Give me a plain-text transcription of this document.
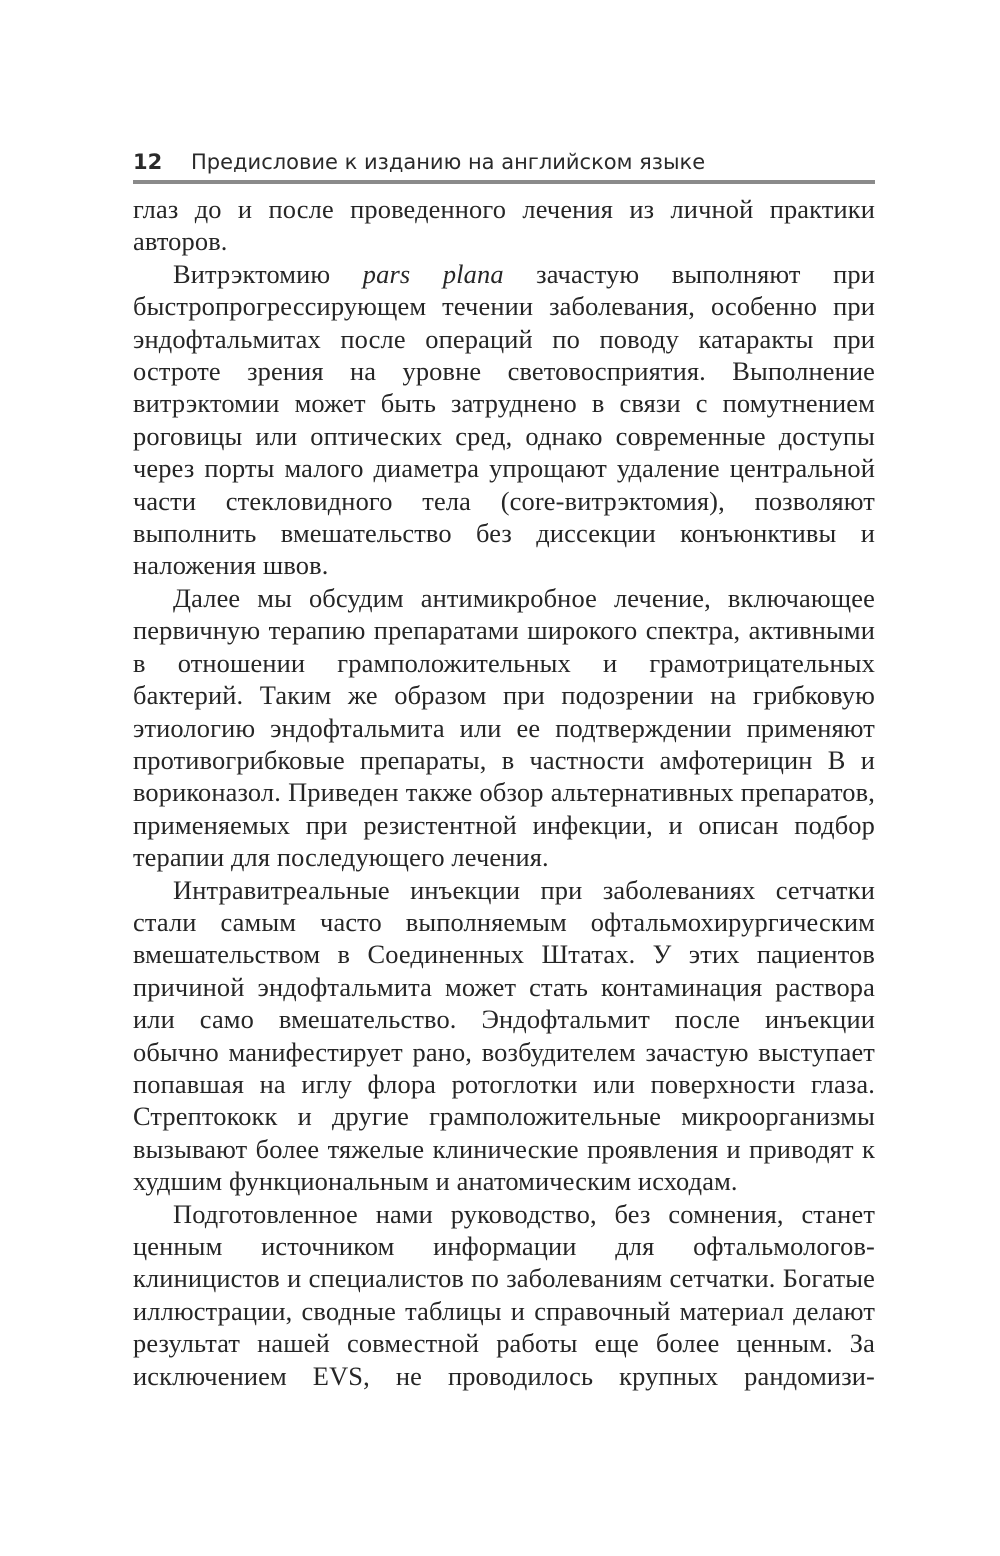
12 Предисловие к изданию на английском языке

глаз до и после проведенного лечения из личной практики авторов.

Витрэктомию pars plana зачастую выполняют при быстропрогрессирующем течении заболевания, особенно при эндофтальмитах после операций по поводу катаракты при остроте зрения на уровне световосприятия. Выполнение витрэктомии может быть затруднено в связи с помутнением роговицы или оптических сред, однако современные доступы через порты малого диаметра упрощают удаление центральной части стекловидного тела (core-витрэктомия), позволяют выполнить вмешательство без диссекции конъюнктивы и наложения швов.

Далее мы обсудим антимикробное лечение, включающее первичную терапию препаратами широкого спектра, активными в отношении грамположительных и грамотрицательных бактерий. Таким же образом при подозрении на грибковую этиологию эндофтальмита или ее подтверждении применяют противогрибковые препараты, в частности амфотерицин В и вориконазол. Приведен также обзор альтернативных препаратов, применяемых при резистентной инфекции, и описан подбор терапии для последующего лечения.

Интравитреальные инъекции при заболеваниях сетчатки стали самым часто выполняемым офтальмохирургическим вмешательством в Соединенных Штатах. У этих пациентов причиной эндофтальмита может стать контаминация раствора или само вмешательство. Эндофтальмит после инъекции обычно манифестирует рано, возбудителем зачастую выступает попавшая на иглу флора ротоглотки или поверхности глаза. Стрептококк и другие грамположительные микроорганизмы вызывают более тяжелые клинические проявления и приводят к худшим функциональным и анатомическим исходам.

Подготовленное нами руководство, без сомнения, станет ценным источником информации для офтальмологов-клиницистов и специалистов по заболеваниям сетчатки. Богатые иллюстрации, сводные таблицы и справочный материал делают результат нашей совместной работы еще более ценным. За исключением EVS, не проводилось крупных рандомизи-
